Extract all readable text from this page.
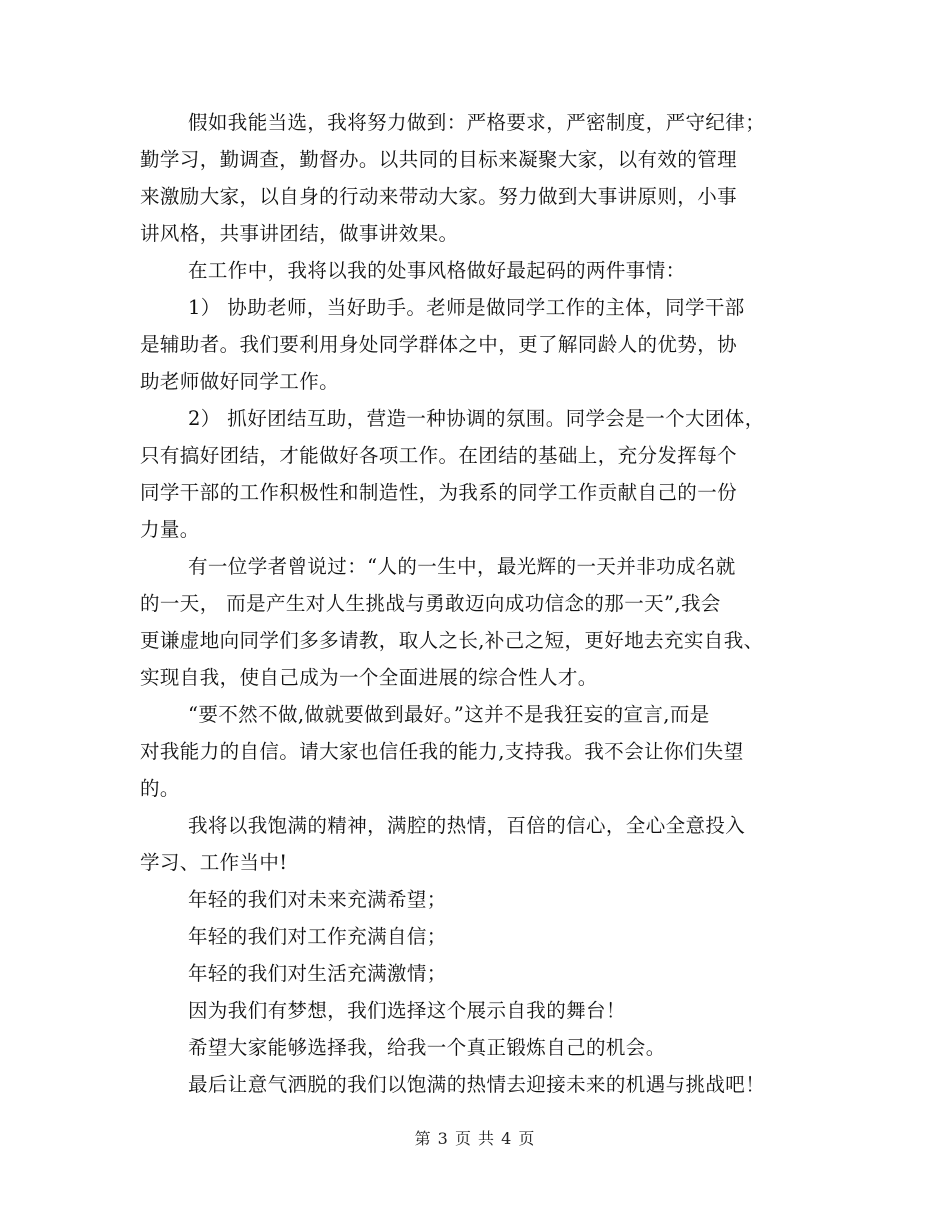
假如我能当选，我将努力做到：严格要求，严密制度，严守纪律；
勤学习，勤调查，勤督办。以共同的目标来凝聚大家，以有效的管理
来激励大家，以自身的行动来带动大家。努力做到大事讲原则，小事
讲风格，共事讲团结，做事讲效果。
在工作中，我将以我的处事风格做好最起码的两件事情：
1） 协助老师，当好助手。老师是做同学工作的主体，同学干部
是辅助者。我们要利用身处同学群体之中，更了解同龄人的优势，协
助老师做好同学工作。
2） 抓好团结互助，营造一种协调的氛围。同学会是一个大团体，
只有搞好团结，才能做好各项工作。在团结的基础上，充分发挥每个
同学干部的工作积极性和制造性，为我系的同学工作贡献自己的一份
力量。
有一位学者曾说过：“人的一生中，最光辉的一天并非功成名就
的一天， 而是产生对人生挑战与勇敢迈向成功信念的那一天”,我会
更谦虚地向同学们多多请教，取人之长,补己之短，更好地去充实自我、
实现自我，使自己成为一个全面进展的综合性人才。
“要不然不做,做就要做到最好。”这并不是我狂妄的宣言,而是
对我能力的自信。请大家也信任我的能力,支持我。我不会让你们失望
的。
我将以我饱满的精神，满腔的热情，百倍的信心，全心全意投入
学习、工作当中!
年轻的我们对未来充满希望；
年轻的我们对工作充满自信；
年轻的我们对生活充满激情；
因为我们有梦想，我们选择这个展示自我的舞台！
希望大家能够选择我，给我一个真正锻炼自己的机会。
最后让意气洒脱的我们以饱满的热情去迎接未来的机遇与挑战吧！
第 3 页 共 4 页
